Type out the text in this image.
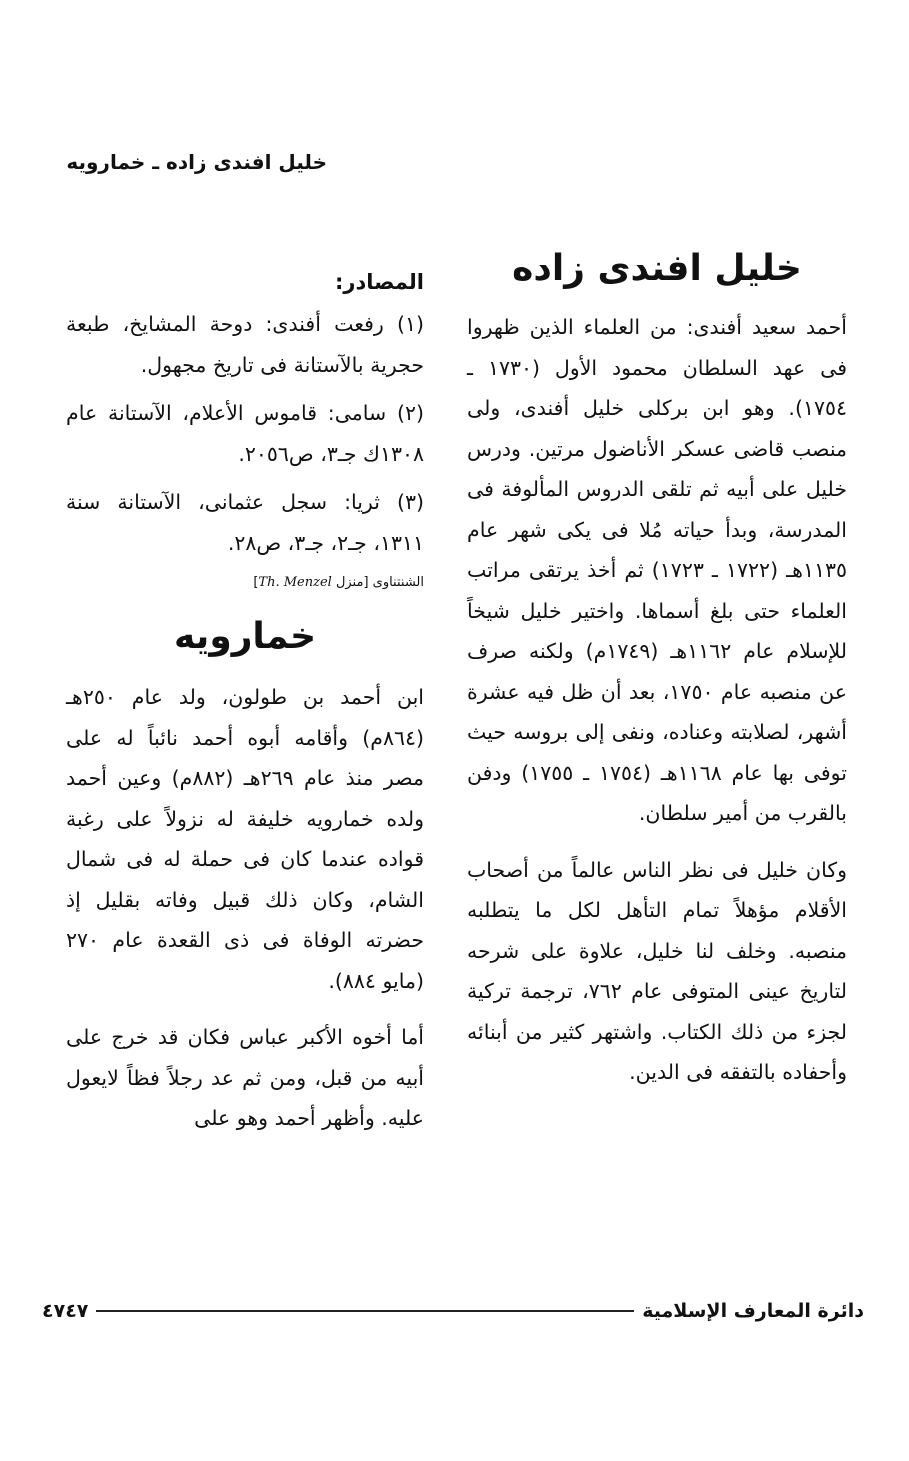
خليل افندى زاده ـ خمارويه
خليل افندى زاده

أحمد سعيد أفندى: من العلماء الذين ظهروا فى عهد السلطان محمود الأول (١٧٣٠ ـ ١٧٥٤). وهو ابن بركلى خليل أفندى، ولى منصب قاضى عسكر الأناضول مرتين. ودرس خليل على أبيه ثم تلقى الدروس المألوفة فى المدرسة، وبدأ حياته مُلا فى يكى شهر عام ١١٣٥هـ (١٧٢٢ ـ ١٧٢٣) ثم أخذ يرتقى مراتب العلماء حتى بلغ أسماها. واختير خليل شيخاً للإسلام عام ١١٦٢هـ (١٧٤٩م) ولكنه صرف عن منصبه عام ١٧٥٠، بعد أن ظل فيه عشرة أشهر، لصلابته وعناده، ونفى إلى بروسه حيث توفى بها عام ١١٦٨هـ (١٧٥٤ ـ ١٧٥٥) ودفن بالقرب من أمير سلطان.

وكان خليل فى نظر الناس عالماً من أصحاب الأقلام مؤهلاً تمام التأهل لكل ما يتطلبه منصبه. وخلف لنا خليل، علاوة على شرحه لتاريخ عينى المتوفى عام ٧٦٢، ترجمة تركية لجزء من ذلك الكتاب. واشتهر كثير من أبنائه وأحفاده بالتفقه فى الدين.

المصادر:

(١) رفعت أفندى: دوحة المشايخ، طبعة حجرية بالآستانة فى تاريخ مجهول.

(٢) سامى: قاموس الأعلام، الآستانة عام ١٣٠٨ك جـ٣، ص٢٠٥٦.

(٣) ثريا: سجل عثمانى، الآستانة سنة ١٣١١، جـ٢، جـ٣، ص٢٨.

الشنتناوى [منزل Th. Menzel]
خمارويه

ابن أحمد بن طولون، ولد عام ٢٥٠هـ (٨٦٤م) وأقامه أبوه أحمد نائباً له على مصر منذ عام ٢٦٩هـ (٨٨٢م) وعين أحمد ولده خمارويه خليفة له نزولاً على رغبة قواده عندما كان فى حملة له فى شمال الشام، وكان ذلك قبيل وفاته بقليل إذ حضرته الوفاة فى ذى القعدة عام ٢٧٠ (مايو ٨٨٤).

أما أخوه الأكبر عباس فكان قد خرج على أبيه من قبل، ومن ثم عد رجلاً فظاً لايعول عليه. وأظهر أحمد وهو على

دائرة المعارف الإسلامية
٤٧٤٧
